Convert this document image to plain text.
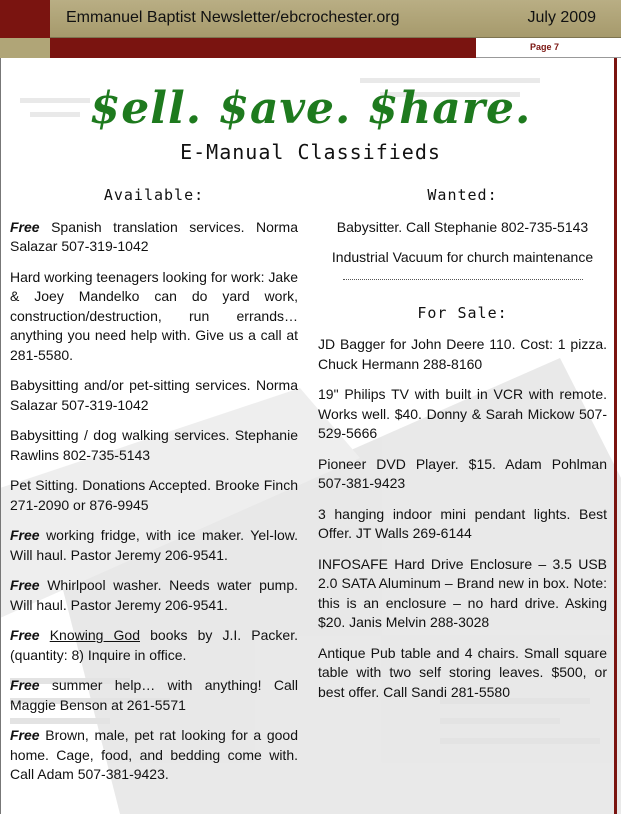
Emmanuel Baptist Newsletter/ebcrochester.org	July 2009
Page 7
$ell. $ave. $hare.
E-Manual Classifieds
Available:

Free Spanish translation services. Norma Salazar 507-319-1042

Hard working teenagers looking for work: Jake & Joey Mandelko can do yard work, construction/destruction, run errands… anything you need help with. Give us a call at 281-5580.

Babysitting and/or pet-sitting services. Norma Salazar 507-319-1042

Babysitting / dog walking services. Stephanie Rawlins 802-735-5143

Pet Sitting. Donations Accepted. Brooke Finch 271-2090 or 876-9945

Free working fridge, with ice maker. Yel-low. Will haul. Pastor Jeremy 206-9541.

Free Whirlpool washer. Needs water pump. Will haul. Pastor Jeremy 206-9541.

Free Knowing God books by J.I. Packer. (quantity: 8) Inquire in office.

Free summer help… with anything! Call Maggie Benson at 261-5571

Free Brown, male, pet rat looking for a good home. Cage, food, and bedding come with. Call Adam 507-381-9423.

Wanted:

Babysitter. Call Stephanie 802-735-5143

Industrial Vacuum for church maintenance

For Sale:

JD Bagger for John Deere 110. Cost: 1 pizza. Chuck Hermann 288-8160

19" Philips TV with built in VCR with remote. Works well. $40. Donny & Sarah Mickow 507-529-5666

Pioneer DVD Player. $15. Adam Pohlman 507-381-9423

3 hanging indoor mini pendant lights. Best Offer. JT Walls 269-6144

INFOSAFE Hard Drive Enclosure – 3.5 USB 2.0 SATA Aluminum – Brand new in box. Note: this is an enclosure – no hard drive. Asking $20. Janis Melvin 288-3028

Antique Pub table and 4 chairs. Small square table with two self storing leaves. $500, or best offer. Call Sandi 281-5580
